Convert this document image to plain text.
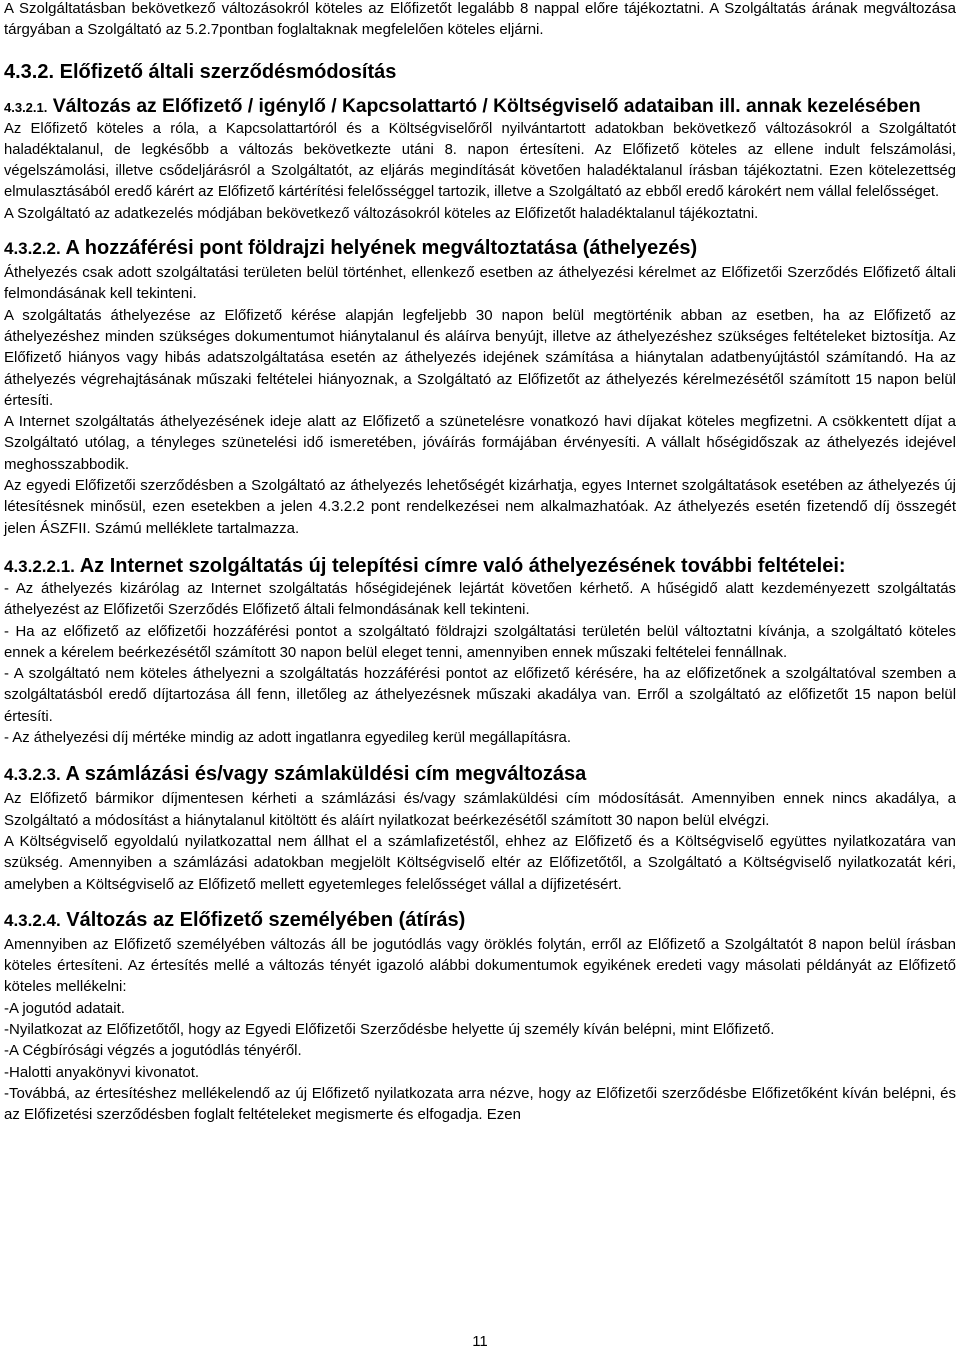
A Szolgáltatásban bekövetkező változásokról köteles az Előfizetőt legalább 8 nappal előre tájékoztatni. A Szolgáltatás árának megváltozása tárgyában a Szolgáltató az 5.2.7pontban foglaltaknak megfelelően köteles eljárni.

4.3.2. Előfizető általi szerződésmódosítás
4.3.2.1. Változás az Előfizető / igénylő / Kapcsolattartó / Költségviselő adataiban ill. annak kezelésében

Az Előfizető köteles a róla, a Kapcsolattartóról és a Költségviselőről nyilvántartott adatokban bekövetkező változásokról a Szolgáltatót haladéktalanul, de legkésőbb a változás bekövetkezte utáni 8. napon értesíteni. Az Előfizető köteles az ellene indult felszámolási, végelszámolási, illetve csődeljárásról a Szolgáltatót, az eljárás megindítását követően haladéktalanul írásban tájékoztatni. Ezen kötelezettség elmulasztásából eredő kárért az Előfizető kártérítési felelősséggel tartozik, illetve a Szolgáltató az ebből eredő károkért nem vállal felelősséget.

A Szolgáltató az adatkezelés módjában bekövetkező változásokról köteles az Előfizetőt haladéktalanul tájékoztatni.

4.3.2.2. A hozzáférési pont földrajzi helyének megváltoztatása (áthelyezés)

Áthelyezés csak adott szolgáltatási területen belül történhet, ellenkező esetben az áthelyezési kérelmet az Előfizetői Szerződés Előfizető általi felmondásának kell tekinteni.

A szolgáltatás áthelyezése az Előfizető kérése alapján legfeljebb 30 napon belül megtörténik abban az esetben, ha az Előfizető az áthelyezéshez minden szükséges dokumentumot hiánytalanul és aláírva benyújt, illetve az áthelyezéshez szükséges feltételeket biztosítja. Az Előfizető hiányos vagy hibás adatszolgáltatása esetén az áthelyezés idejének számítása a hiánytalan adatbenyújtástól számítandó. Ha az áthelyezés végrehajtásának műszaki feltételei hiányoznak, a Szolgáltató az Előfizetőt az áthelyezés kérelmezésétől számított 15 napon belül értesíti.

A Internet szolgáltatás áthelyezésének ideje alatt az Előfizető a szünetelésre vonatkozó havi díjakat köteles megfizetni. A csökkentett díjat a Szolgáltató utólag, a tényleges szünetelési idő ismeretében, jóváírás formájában érvényesíti. A vállalt hőségidőszak az áthelyezés idejével meghosszabbodik.

Az egyedi Előfizetői szerződésben a Szolgáltató az áthelyezés lehetőségét kizárhatja, egyes Internet szolgáltatások esetében az áthelyezés új létesítésnek minősül, ezen esetekben a jelen 4.3.2.2 pont rendelkezései nem alkalmazhatóak. Az áthelyezés esetén fizetendő díj összegét jelen ÁSZFII. Számú melléklete tartalmazza.

4.3.2.2.1. Az Internet szolgáltatás új telepítési címre való áthelyezésének további feltételei:

- Az áthelyezés kizárólag az Internet szolgáltatás hőségidejének lejártát követően kérhető. A hűségidő alatt kezdeményezett szolgáltatás áthelyezést az Előfizetői Szerződés Előfizető általi felmondásának kell tekinteni.

- Ha az előfizető az előfizetői hozzáférési pontot a szolgáltató földrajzi szolgáltatási területén belül változtatni kívánja, a szolgáltató köteles ennek a kérelem beérkezésétől számított 30 napon belül eleget tenni, amennyiben ennek műszaki feltételei fennállnak.

- A szolgáltató nem köteles áthelyezni a szolgáltatás hozzáférési pontot az előfizető kérésére, ha az előfizetőnek a szolgáltatóval szemben a szolgáltatásból eredő díjtartozása áll fenn, illetőleg az áthelyezésnek műszaki akadálya van. Erről a szolgáltató az előfizetőt 15 napon belül értesíti.

- Az áthelyezési díj mértéke mindig az adott ingatlanra egyedileg kerül megállapításra.

4.3.2.3. A számlázási és/vagy számlaküldési cím megváltozása

Az Előfizető bármikor díjmentesen kérheti a számlázási és/vagy számlaküldési cím módosítását. Amennyiben ennek nincs akadálya, a Szolgáltató a módosítást a hiánytalanul kitöltött és aláírt nyilatkozat beérkezésétől számított 30 napon belül elvégzi.

A Költségviselő egyoldalú nyilatkozattal nem állhat el a számlafizetéstől, ehhez az Előfizető és a Költségviselő együttes nyilatkozatára van szükség. Amennyiben a számlázási adatokban megjelölt Költségviselő eltér az Előfizetőtől, a Szolgáltató a Költségviselő nyilatkozatát kéri, amelyben a Költségviselő az Előfizető mellett egyetemleges felelősséget vállal a díjfizetésért.

4.3.2.4. Változás az Előfizető személyében (átírás)

Amennyiben az Előfizető személyében változás áll be jogutódlás vagy öröklés folytán, erről az Előfizető a Szolgáltatót 8 napon belül írásban köteles értesíteni. Az értesítés mellé a változás tényét igazoló alábbi dokumentumok egyikének eredeti vagy másolati példányát az Előfizető köteles mellékelni:

-A jogutód adatait.

-Nyilatkozat az Előfizetőtől, hogy az Egyedi Előfizetői Szerződésbe helyette új személy kíván belépni, mint Előfizető.

-A Cégbírósági végzés a jogutódlás tényéről.

-Halotti anyakönyvi kivonatot.

-Továbbá, az értesítéshez mellékelendő az új Előfizető nyilatkozata arra nézve, hogy az Előfizetői szerződésbe Előfizetőként kíván belépni, és az Előfizetési szerződésben foglalt feltételeket megismerte és elfogadja. Ezen

11
